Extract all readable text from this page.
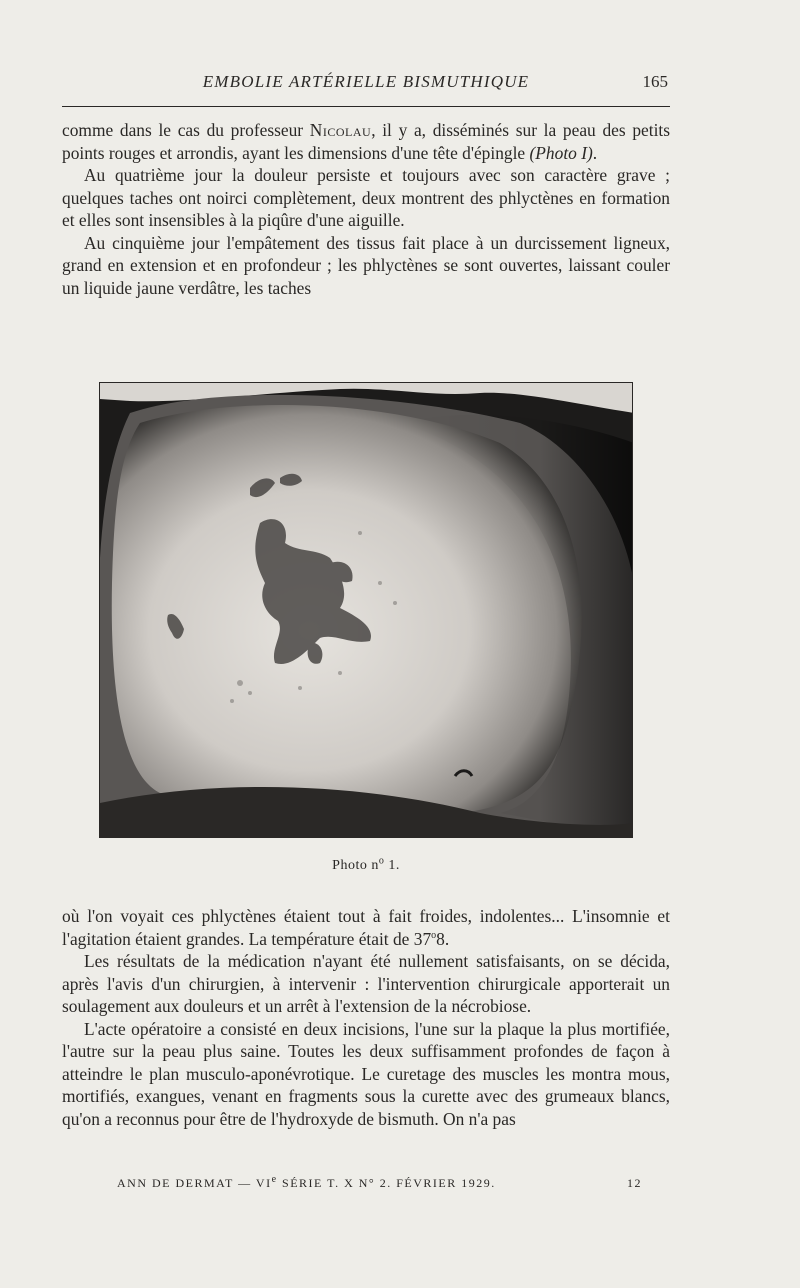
EMBOLIE ARTÉRIELLE BISMUTHIQUE	165

comme dans le cas du professeur Nicolau, il y a, disséminés sur la peau des petits points rouges et arrondis, ayant les dimensions d'une tête d'épingle (Photo I).

Au quatrième jour la douleur persiste et toujours avec son caractère grave ; quelques taches ont noirci complètement, deux montrent des phlyctènes en formation et elles sont insensibles à la piqûre d'une aiguille.

Au cinquième jour l'empâtement des tissus fait place à un durcissement ligneux, grand en extension et en profondeur ; les phlyctènes se sont ouvertes, laissant couler un liquide jaune verdâtre, les taches

Photo $n^o$ 1.

où l'on voyait ces phlyctènes étaient tout à fait froides, indolentes... L'insomnie et l'agitation étaient grandes. La température était de 37$^o$8.

Les résultats de la médication n'ayant été nullement satisfaisants, on se décida, après l'avis d'un chirurgien, à intervenir : l'intervention chirurgicale apporterait un soulagement aux douleurs et un arrêt à l'extension de la nécrobiose.

L'acte opératoire a consisté en deux incisions, l'une sur la plaque la plus mortifiée, l'autre sur la peau plus saine. Toutes les deux suffisamment profondes de façon à atteindre le plan musculo-aponévrotique. Le curetage des muscles les montra mous, mortifiés, exangues, venant en fragments sous la curette avec des grumeaux blancs, qu'on a reconnus pour être de l'hydroxyde de bismuth. On n'a pas

ANN DE DERMAT — VIe SÉRIE T. X N° 2. FÉVRIER 1929.	12
